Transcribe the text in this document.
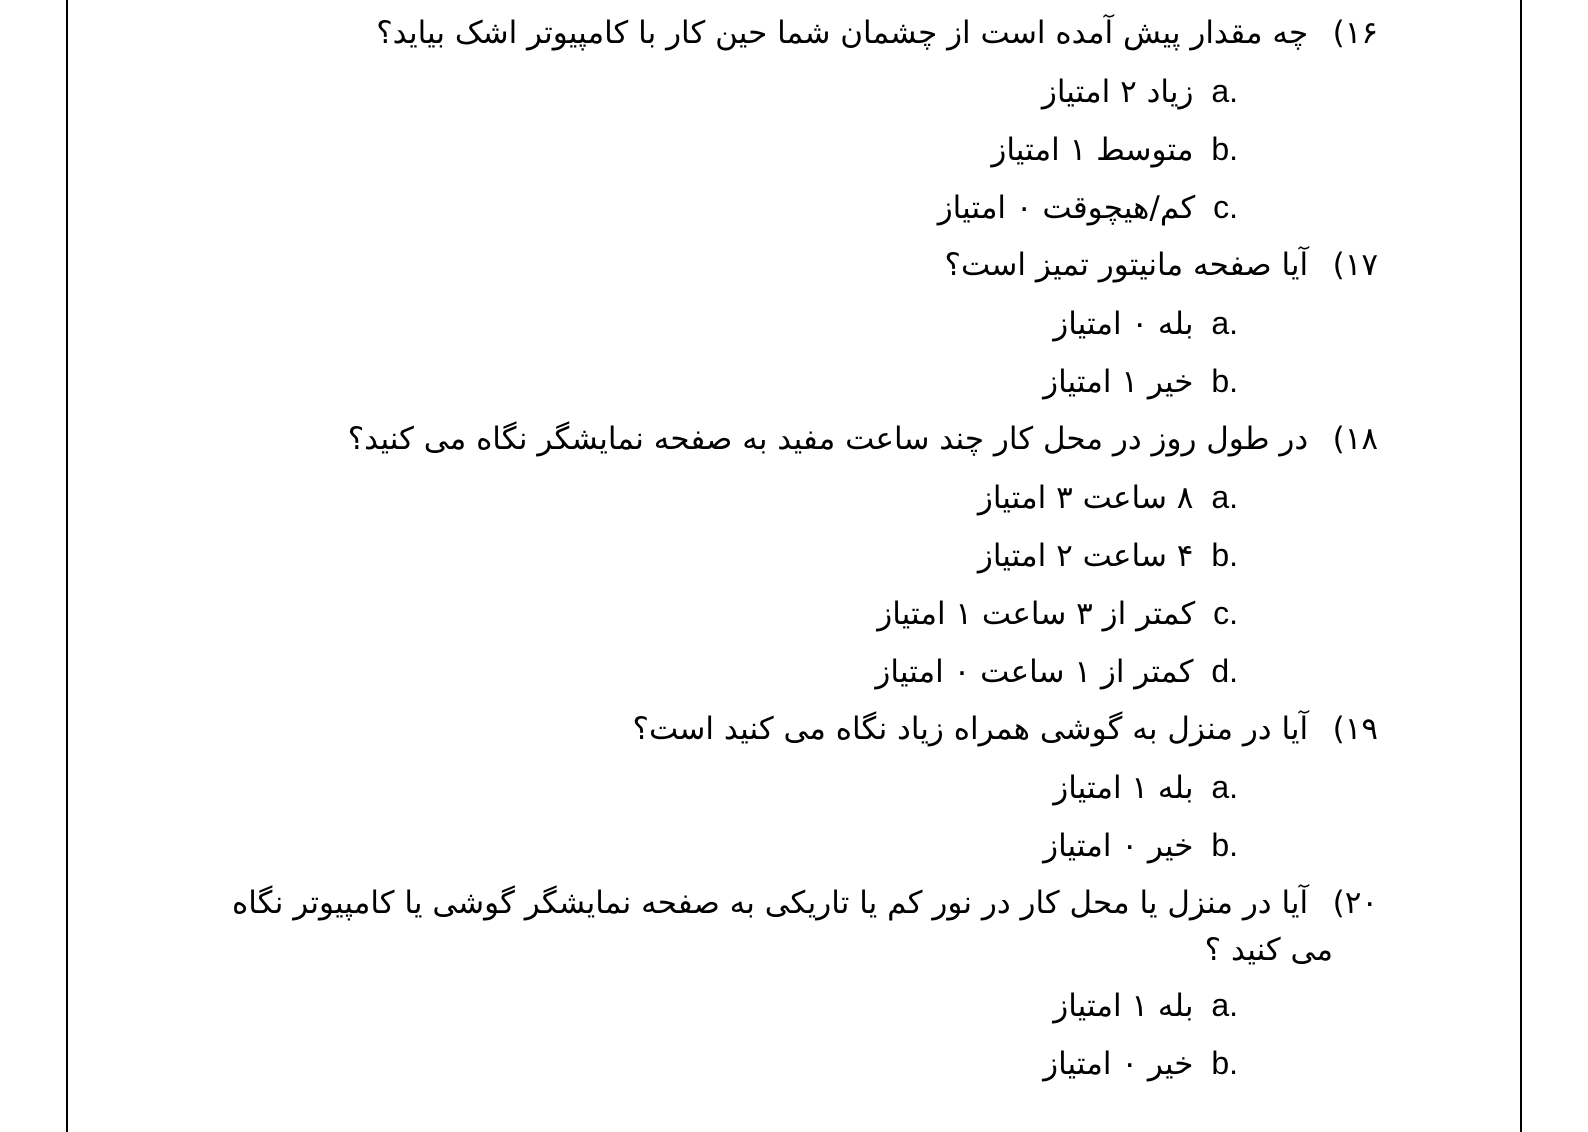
۱۶) چه مقدار پیش آمده است از چشمان شما حین کار با کامپیوتر اشک بیاید؟
a. زیاد ۲ امتیاز
b. متوسط ۱ امتیاز
c. کم/هیچوقت ۰ امتیاز
۱۷) آیا صفحه مانیتور تمیز است؟
a. بله ۰ امتیاز
b. خیر ۱ امتیاز
۱۸) در طول روز در محل کار چند ساعت مفید به صفحه نمایشگر نگاه می کنید؟
a. ۸ ساعت ۳ امتیاز
b. ۴ ساعت ۲ امتیاز
c. کمتر از ۳ ساعت ۱ امتیاز
d. کمتر از ۱ ساعت ۰ امتیاز
۱۹) آیا در منزل به گوشی همراه زیاد نگاه می کنید است؟
a. بله ۱ امتیاز
b. خیر ۰ امتیاز
۲۰) آیا در منزل یا محل کار در نور کم یا تاریکی به صفحه نمایشگر گوشی یا کامپیوتر نگاه
می کنید ؟
a. بله ۱ امتیاز
b. خیر ۰ امتیاز
